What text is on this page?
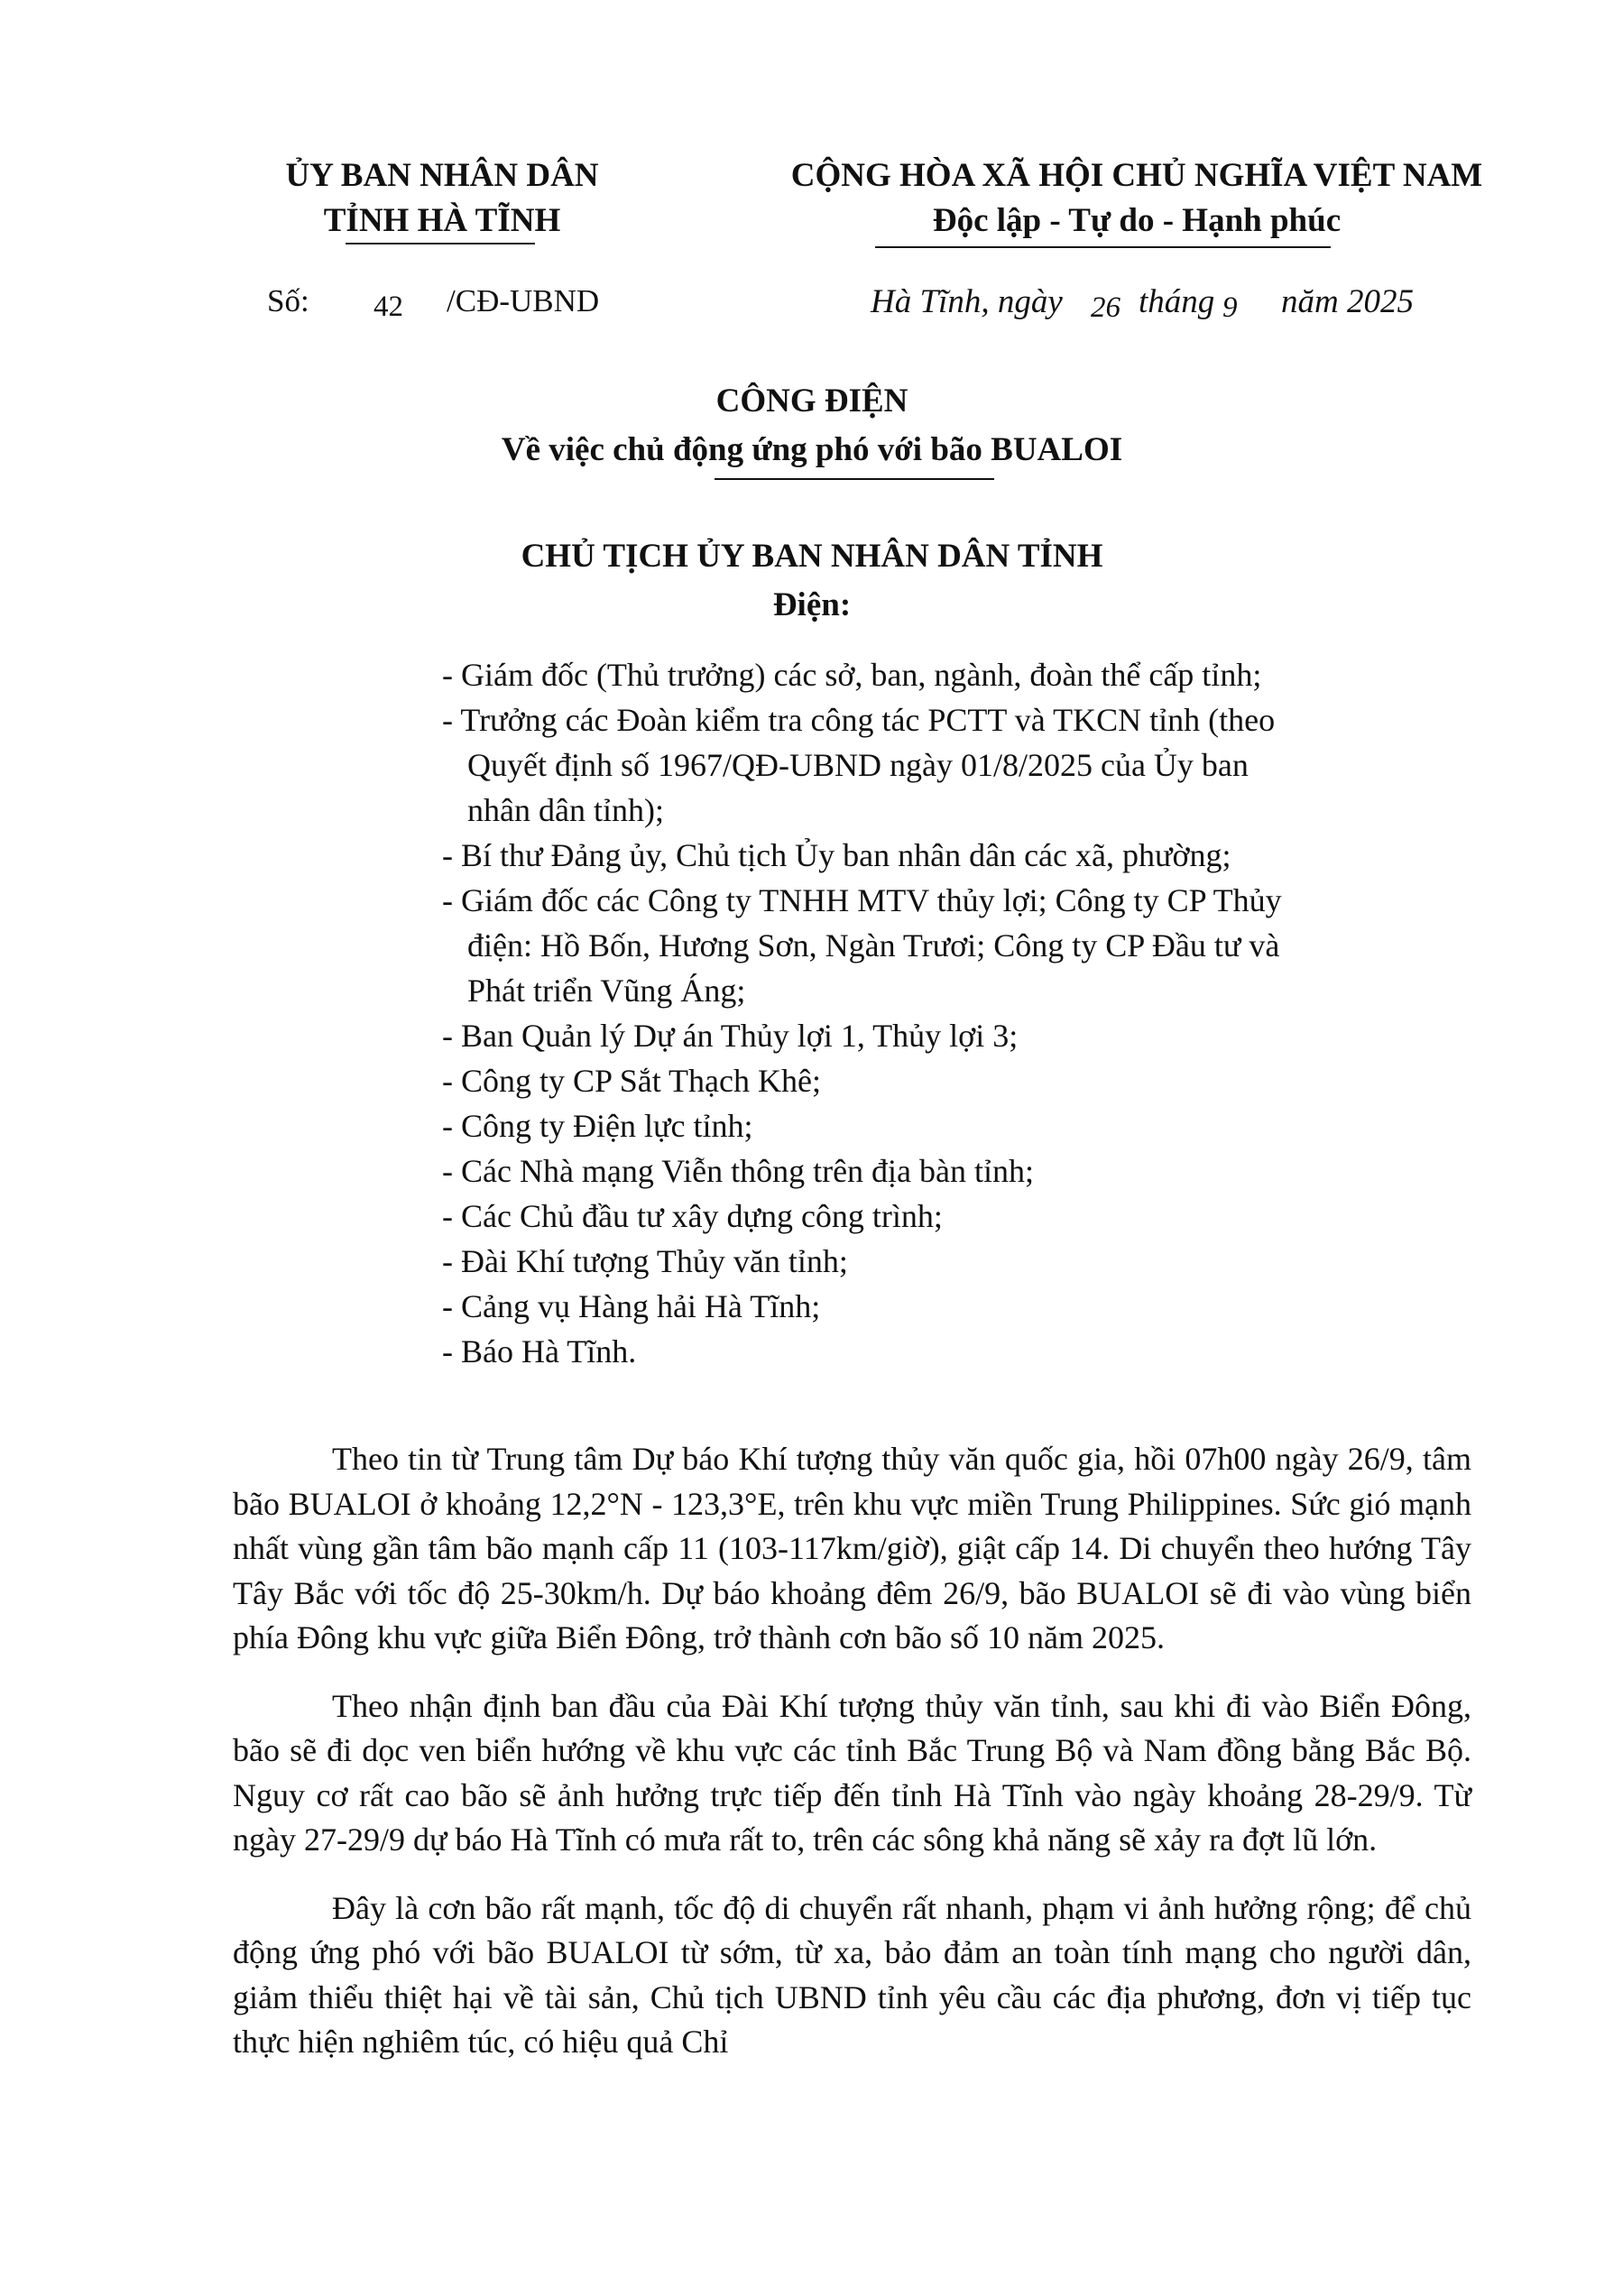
ỦY BAN NHÂN DÂN
TỈNH HÀ TĨNH
CỘNG HÒA XÃ HỘI CHỦ NGHĨA VIỆT NAM
Độc lập - Tự do - Hạnh phúc
Số: 42 /CĐ-UBND	Hà Tĩnh, ngày 26 tháng 9 năm 2025
CÔNG ĐIỆN
Về việc chủ động ứng phó với bão BUALOI
CHỦ TỊCH ỦY BAN NHÂN DÂN TỈNH
Điện:
- Giám đốc (Thủ trưởng) các sở, ban, ngành, đoàn thể cấp tỉnh;
- Trưởng các Đoàn kiểm tra công tác PCTT và TKCN tỉnh (theo
Quyết định số 1967/QĐ-UBND ngày 01/8/2025 của Ủy ban
nhân dân tỉnh);
- Bí thư Đảng ủy, Chủ tịch Ủy ban nhân dân các xã, phường;
- Giám đốc các Công ty TNHH MTV thủy lợi; Công ty CP Thủy
điện: Hồ Bốn, Hương Sơn, Ngàn Trươi; Công ty CP Đầu tư và
Phát triển Vũng Áng;
- Ban Quản lý Dự án Thủy lợi 1, Thủy lợi 3;
- Công ty CP Sắt Thạch Khê;
- Công ty Điện lực tỉnh;
- Các Nhà mạng Viễn thông trên địa bàn tỉnh;
- Các Chủ đầu tư xây dựng công trình;
- Đài Khí tượng Thủy văn tỉnh;
- Cảng vụ Hàng hải Hà Tĩnh;
- Báo Hà Tĩnh.

Theo tin từ Trung tâm Dự báo Khí tượng thủy văn quốc gia, hồi 07h00 ngày 26/9, tâm bão BUALOI ở khoảng 12,2°N - 123,3°E, trên khu vực miền Trung Philippines. Sức gió mạnh nhất vùng gần tâm bão mạnh cấp 11 (103-117km/giờ), giật cấp 14. Di chuyển theo hướng Tây Tây Bắc với tốc độ 25-30km/h. Dự báo khoảng đêm 26/9, bão BUALOI sẽ đi vào vùng biển phía Đông khu vực giữa Biển Đông, trở thành cơn bão số 10 năm 2025.

Theo nhận định ban đầu của Đài Khí tượng thủy văn tỉnh, sau khi đi vào Biển Đông, bão sẽ đi dọc ven biển hướng về khu vực các tỉnh Bắc Trung Bộ và Nam đồng bằng Bắc Bộ. Nguy cơ rất cao bão sẽ ảnh hưởng trực tiếp đến tỉnh Hà Tĩnh vào ngày khoảng 28-29/9. Từ ngày 27-29/9 dự báo Hà Tĩnh có mưa rất to, trên các sông khả năng sẽ xảy ra đợt lũ lớn.

Đây là cơn bão rất mạnh, tốc độ di chuyển rất nhanh, phạm vi ảnh hưởng rộng; để chủ động ứng phó với bão BUALOI từ sớm, từ xa, bảo đảm an toàn tính mạng cho người dân, giảm thiểu thiệt hại về tài sản, Chủ tịch UBND tỉnh yêu cầu các địa phương, đơn vị tiếp tục thực hiện nghiêm túc, có hiệu quả Chỉ
